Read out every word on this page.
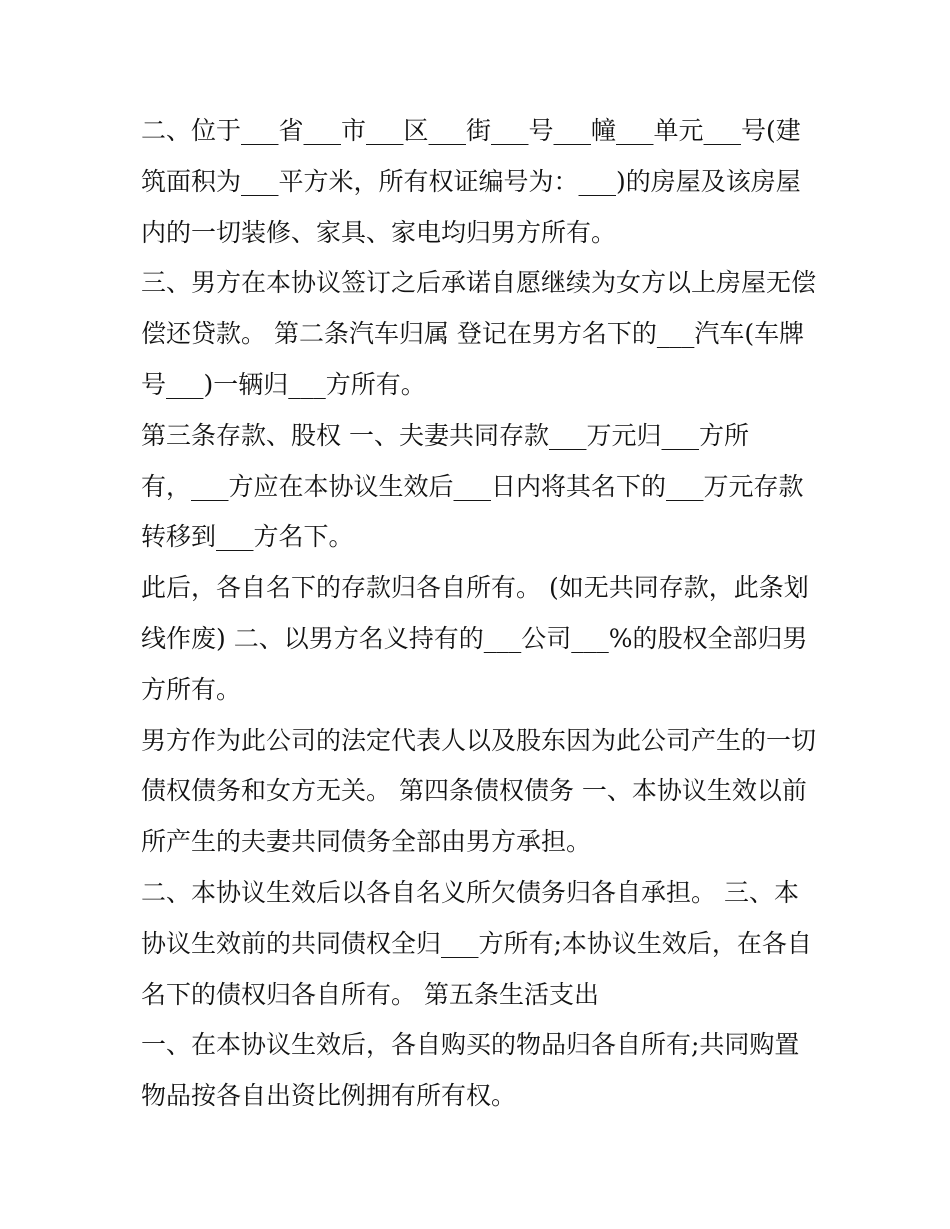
二、位于___省___市___区___街___号___幢___单元___号(建
筑面积为___平方米，所有权证编号为：___)的房屋及该房屋
内的一切装修、家具、家电均归男方所有。
三、男方在本协议签订之后承诺自愿继续为女方以上房屋无偿
偿还贷款。 第二条汽车归属 登记在男方名下的___汽车(车牌
号___)一辆归___方所有。
第三条存款、股权 一、夫妻共同存款___万元归___方所
有，___方应在本协议生效后___日内将其名下的___万元存款
转移到___方名下。
此后，各自名下的存款归各自所有。 (如无共同存款，此条划
线作废) 二、以男方名义持有的___公司___%的股权全部归男
方所有。
男方作为此公司的法定代表人以及股东因为此公司产生的一切
债权债务和女方无关。 第四条债权债务 一、本协议生效以前
所产生的夫妻共同债务全部由男方承担。
二、本协议生效后以各自名义所欠债务归各自承担。 三、本
协议生效前的共同债权全归___方所有;本协议生效后，在各自
名下的债权归各自所有。 第五条生活支出
一、在本协议生效后，各自购买的物品归各自所有;共同购置
物品按各自出资比例拥有所有权。
